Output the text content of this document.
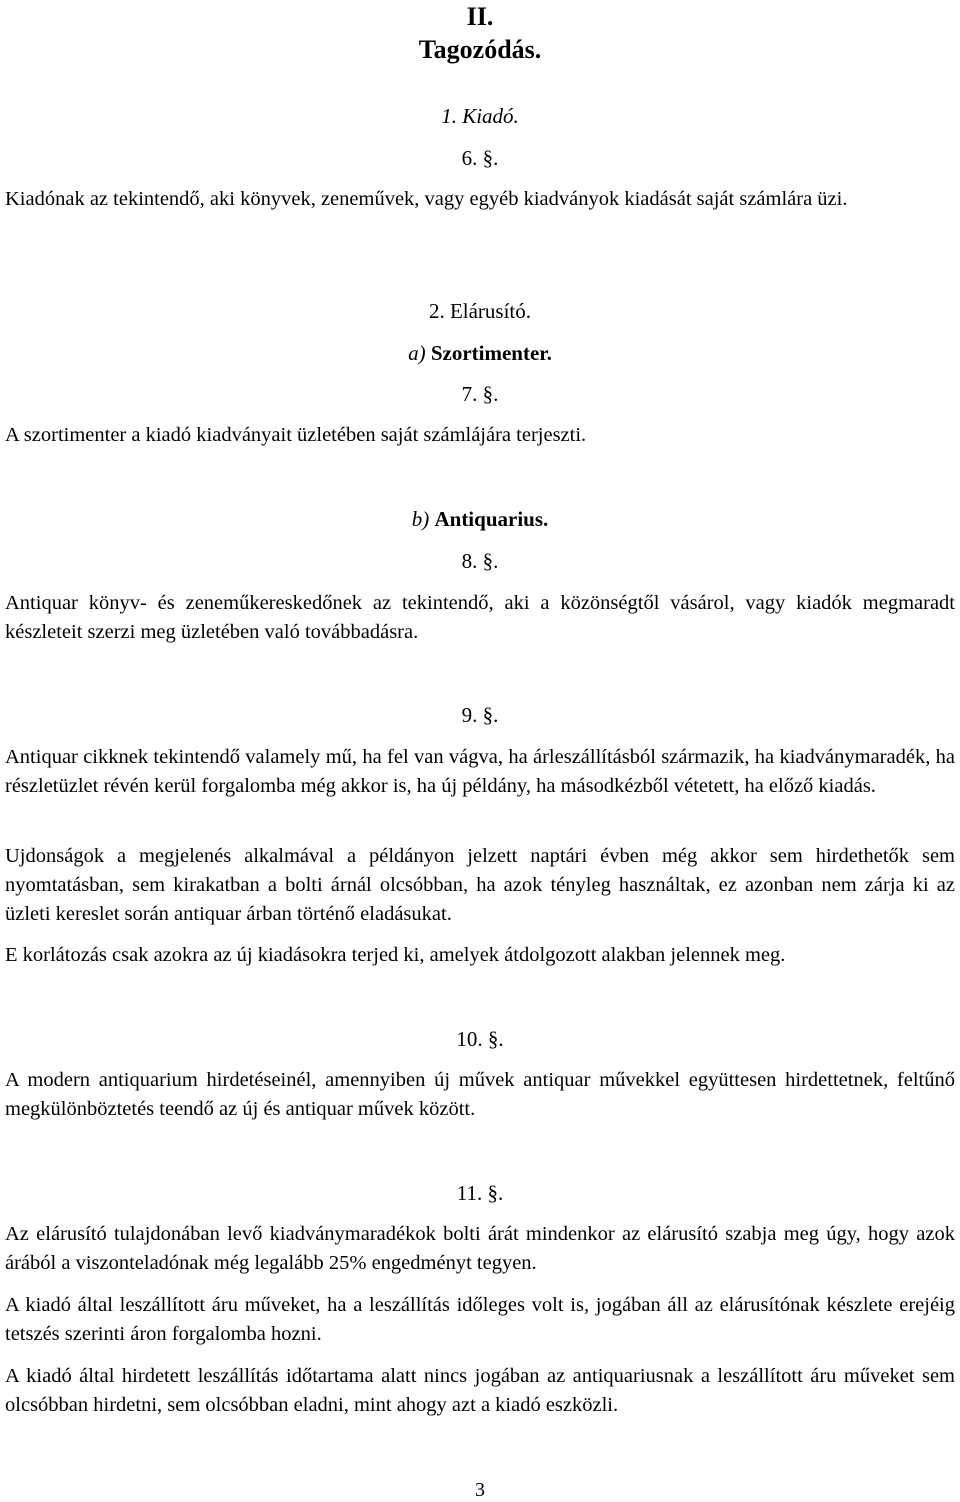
II.
Tagozódás.
1. Kiadó.
6. §.
Kiadónak az tekintendő, aki könyvek, zeneművek, vagy egyéb kiadványok kiadását saját számlára üzi.
2. Elárusító.
a) Szortimenter.
7. §.
A szortimenter a kiadó kiadványait üzletében saját számlájára terjeszti.
b) Antiquarius.
8. §.
Antiquar könyv- és zeneműkereskedőnek az tekintendő, aki a közönségtől vásárol, vagy kiadók megmaradt készleteit szerzi meg üzletében való továbbadásra.
9. §.
Antiquar cikknek tekintendő valamely mű, ha fel van vágva, ha árleszállításból származik, ha kiadványmaradék, ha részletüzlet révén kerül forgalomba még akkor is, ha új példány, ha másodkézből vétetett, ha előző kiadás.
Ujdonságok a megjelenés alkalmával a példányon jelzett naptári évben még akkor sem hirdethetők sem nyomtatásban, sem kirakatban a bolti árnál olcsóbban, ha azok tényleg használtak, ez azonban nem zárja ki az üzleti kereslet során antiquar árban történő eladásukat.
E korlátozás csak azokra az új kiadásokra terjed ki, amelyek átdolgozott alakban jelennek meg.
10. §.
A modern antiquarium hirdetéseinél, amennyiben új művek antiquar művekkel együttesen hirdettetnek, feltűnő megkülönböztetés teendő az új és antiquar művek között.
11. §.
Az elárusító tulajdonában levő kiadványmaradékok bolti árát mindenkor az elárusító szabja meg úgy, hogy azok árából a viszonteladónak még legalább 25% engedményt tegyen.
A kiadó által leszállított áru műveket, ha a leszállítás időleges volt is, jogában áll az elárusítónak készlete erejéig tetszés szerinti áron forgalomba hozni.
A kiadó által hirdetett leszállítás időtartama alatt nincs jogában az antiquariusnak a leszállított áru műveket sem olcsóbban hirdetni, sem olcsóbban eladni, mint ahogy azt a kiadó eszközli.
3
